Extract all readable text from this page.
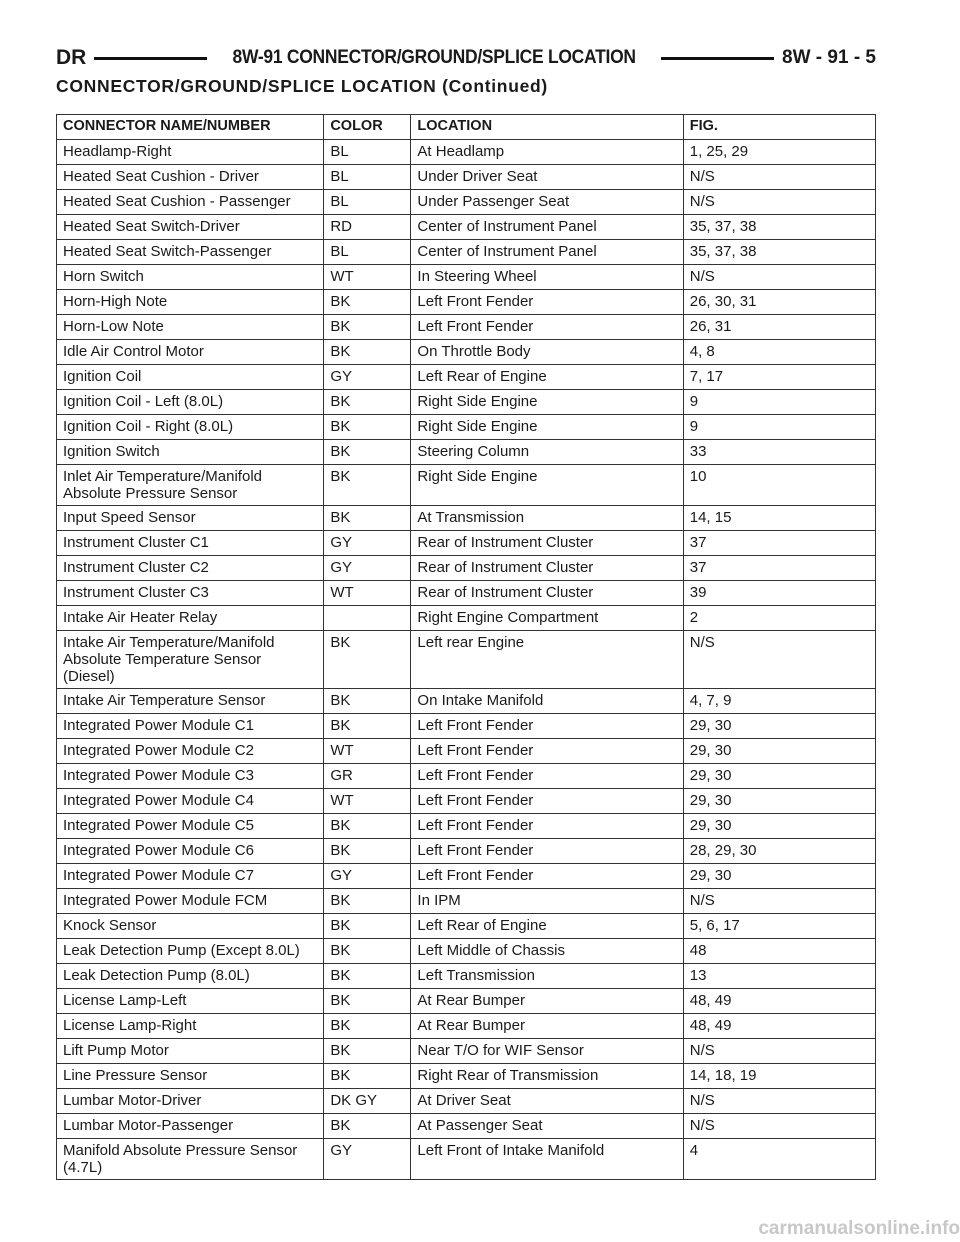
DR	8W-91 CONNECTOR/GROUND/SPLICE LOCATION	8W - 91 - 5
CONNECTOR/GROUND/SPLICE LOCATION (Continued)
CONNECTOR NAME/NUMBER	COLOR	LOCATION	FIG.
Headlamp-Right	BL	At Headlamp	1, 25, 29
Heated Seat Cushion - Driver	BL	Under Driver Seat	N/S
Heated Seat Cushion - Passenger	BL	Under Passenger Seat	N/S
Heated Seat Switch-Driver	RD	Center of Instrument Panel	35, 37, 38
Heated Seat Switch-Passenger	BL	Center of Instrument Panel	35, 37, 38
Horn Switch	WT	In Steering Wheel	N/S
Horn-High Note	BK	Left Front Fender	26, 30, 31
Horn-Low Note	BK	Left Front Fender	26, 31
Idle Air Control Motor	BK	On Throttle Body	4, 8
Ignition Coil	GY	Left Rear of Engine	7, 17
Ignition Coil - Left (8.0L)	BK	Right Side Engine	9
Ignition Coil - Right (8.0L)	BK	Right Side Engine	9
Ignition Switch	BK	Steering Column	33
Inlet Air Temperature/Manifold
Absolute Pressure Sensor	BK	Right Side Engine	10
Input Speed Sensor	BK	At Transmission	14, 15
Instrument Cluster C1	GY	Rear of Instrument Cluster	37
Instrument Cluster C2	GY	Rear of Instrument Cluster	37
Instrument Cluster C3	WT	Rear of Instrument Cluster	39
Intake Air Heater Relay		Right Engine Compartment	2
Intake Air Temperature/Manifold
Absolute Temperature Sensor
(Diesel)	BK	Left rear Engine	N/S
Intake Air Temperature Sensor	BK	On Intake Manifold	4, 7, 9
Integrated Power Module C1	BK	Left Front Fender	29, 30
Integrated Power Module C2	WT	Left Front Fender	29, 30
Integrated Power Module C3	GR	Left Front Fender	29, 30
Integrated Power Module C4	WT	Left Front Fender	29, 30
Integrated Power Module C5	BK	Left Front Fender	29, 30
Integrated Power Module C6	BK	Left Front Fender	28, 29, 30
Integrated Power Module C7	GY	Left Front Fender	29, 30
Integrated Power Module FCM	BK	In IPM	N/S
Knock Sensor	BK	Left Rear of Engine	5, 6, 17
Leak Detection Pump (Except 8.0L)	BK	Left Middle of Chassis	48
Leak Detection Pump (8.0L)	BK	Left Transmission	13
License Lamp-Left	BK	At Rear Bumper	48, 49
License Lamp-Right	BK	At Rear Bumper	48, 49
Lift Pump Motor	BK	Near T/O for WIF Sensor	N/S
Line Pressure Sensor	BK	Right Rear of Transmission	14, 18, 19
Lumbar Motor-Driver	DK GY	At Driver Seat	N/S
Lumbar Motor-Passenger	BK	At Passenger Seat	N/S
Manifold Absolute Pressure Sensor
(4.7L)	GY	Left Front of Intake Manifold	4
carmanualsonline.info
